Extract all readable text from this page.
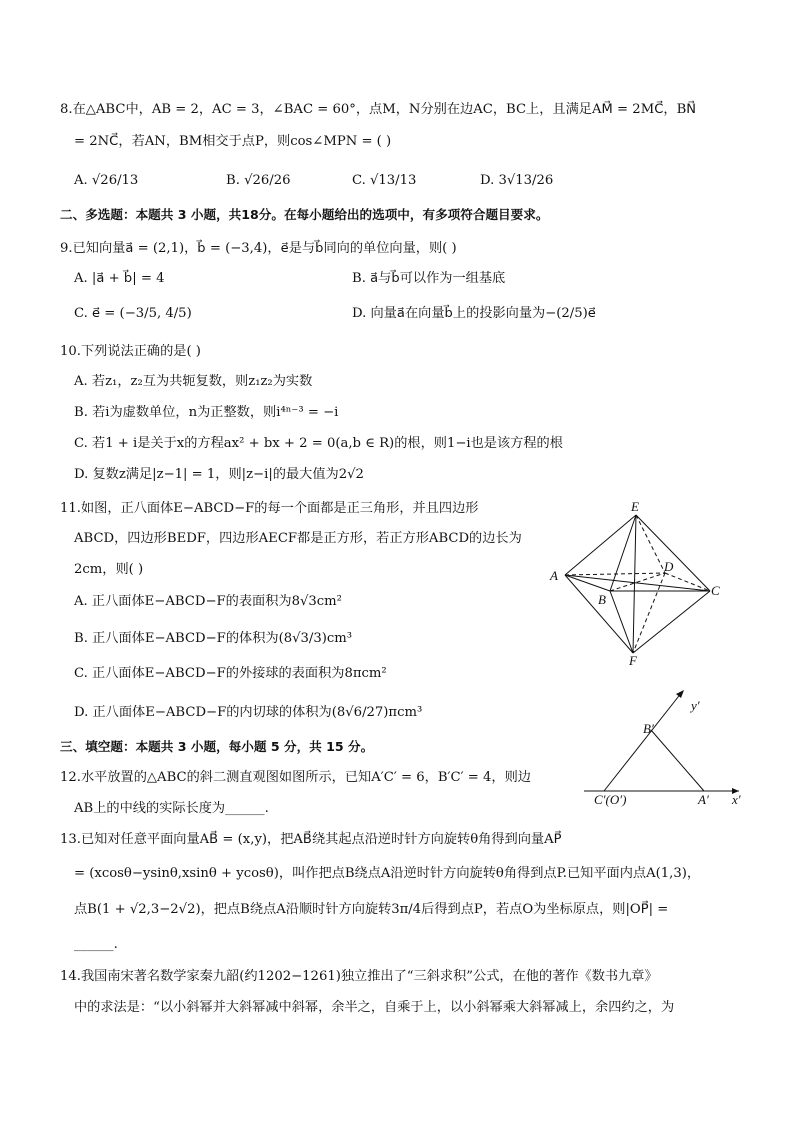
8.在△ABC中，AB = 2，AC = 3，∠BAC = 60°，点M，N分别在边AC，BC上，且满足AM⃗ = 2MC⃗，BN⃗
= 2NC⃗，若AN，BM相交于点P，则cos∠MPN = ( )
A. √26/13	B. √26/26	C. √13/13	D. 3√13/26
二、多选题：本题共 3 小题，共18分。在每小题给出的选项中，有多项符合题目要求。
9.已知向量a⃗ = (2,1)，b⃗ = (−3,4)，e⃗是与b⃗同向的单位向量，则( )
A. |a⃗ + b⃗| = 4	B. a⃗与b⃗可以作为一组基底
C. e⃗ = (−3/5, 4/5)	D. 向量a⃗在向量b⃗上的投影向量为−(2/5)e⃗
10.下列说法正确的是( )
A. 若z₁，z₂互为共轭复数，则z₁z₂为实数
B. 若i为虚数单位，n为正整数，则i⁴ⁿ⁻³ = −i
C. 若1 + i是关于x的方程ax² + bx + 2 = 0(a,b ∈ R)的根，则1−i也是该方程的根
D. 复数z满足|z−1| = 1，则|z−i|的最大值为2√2
11.如图，正八面体E−ABCD−F的每一个面都是正三角形，并且四边形
ABCD，四边形BEDF，四边形AECF都是正方形，若正方形ABCD的边长为
2cm，则( )
A. 正八面体E−ABCD−F的表面积为8√3cm²
B. 正八面体E−ABCD−F的体积为(8√3/3)cm³
C. 正八面体E−ABCD−F的外接球的表面积为8πcm²
D. 正八面体E−ABCD−F的内切球的体积为(8√6/27)πcm³
E
A
D
B
C
F
三、填空题：本题共 3 小题，每小题 5 分，共 15 分。
12.水平放置的△ABC的斜二测直观图如图所示，已知A′C′ = 6，B′C′ = 4，则边
AB上的中线的实际长度为______.
y′
B′
C′(O′)	A′ x′
13.已知对任意平面向量AB⃗ = (x,y)，把AB⃗绕其起点沿逆时针方向旋转θ角得到向量AP⃗
= (xcosθ−ysinθ,xsinθ + ycosθ)，叫作把点B绕点A沿逆时针方向旋转θ角得到点P.已知平面内点A(1,3)，
点B(1 + √2,3−2√2)，把点B绕点A沿顺时针方向旋转3π/4后得到点P，若点O为坐标原点，则|OP⃗| =
______.
14.我国南宋著名数学家秦九韶(约1202−1261)独立推出了“三斜求积”公式，在他的著作《数书九章》
中的求法是：“以小斜幂并大斜幂减中斜幂，余半之，自乘于上，以小斜幂乘大斜幂减上，余四约之，为
